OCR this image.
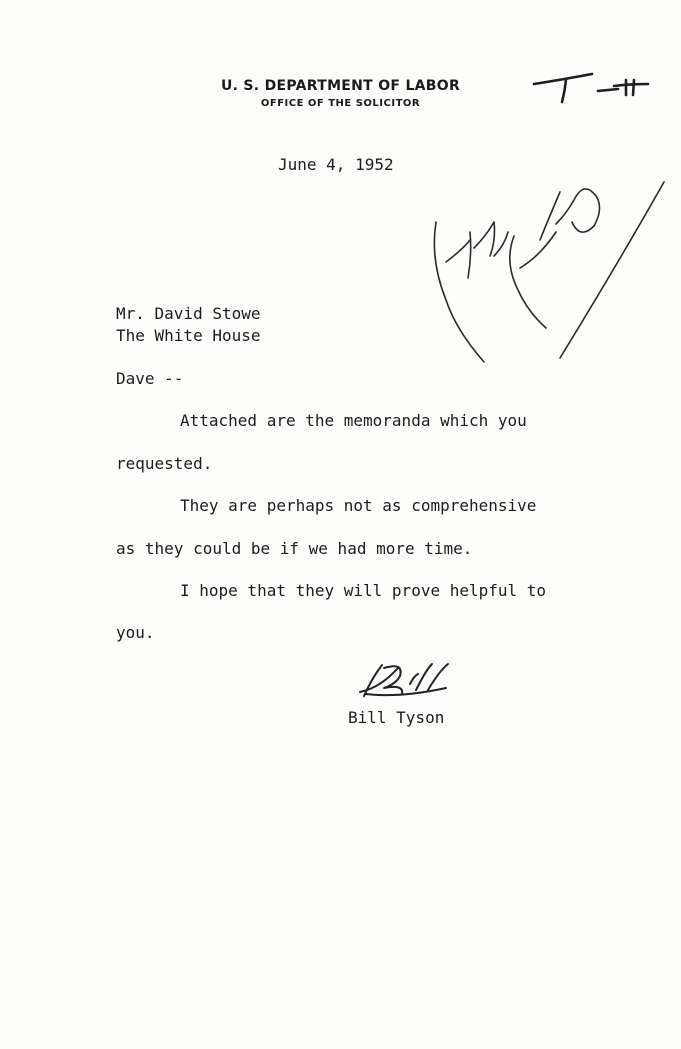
U. S. DEPARTMENT OF LABOR
OFFICE OF THE SOLICITOR
June 4, 1952
Mr. David Stowe
The White House
Dave --
Attached are the memoranda which you
requested.
They are perhaps not as comprehensive
as they could be if we had more time.
I hope that they will prove helpful to
you.
Bill Tyson
